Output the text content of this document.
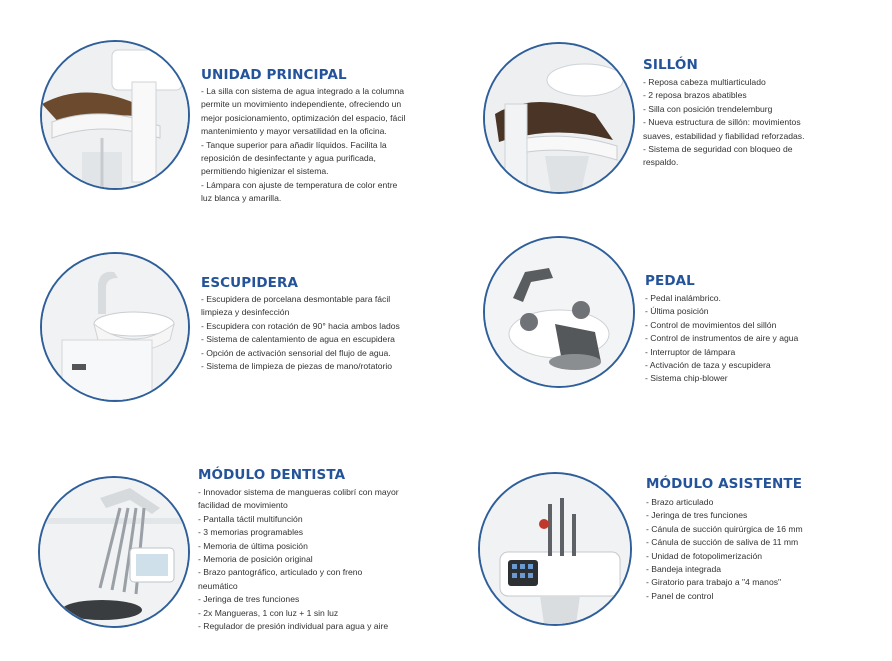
UNIDAD PRINCIPAL

- La silla con sistema de agua integrado a la columna

permite un movimiento independiente, ofreciendo un

mejor posicionamiento, optimización del espacio, fácil

mantenimiento y mayor versatilidad en la oficina.

- Tanque superior para añadir líquidos. Facilita la

reposición de desinfectante y agua purificada,

permitiendo higienizar el sistema.

- Lámpara con ajuste de temperatura de color entre

luz blanca y amarilla.

SILLÓN

- Reposa cabeza multiarticulado

- 2 reposa brazos abatibles

- Silla con posición trendelemburg

- Nueva estructura de sillón: movimientos

suaves, estabilidad y fiabilidad reforzadas.

- Sistema de seguridad con bloqueo de

respaldo.

ESCUPIDERA

- Escupidera de porcelana desmontable para fácil

limpieza y desinfección

- Escupidera con rotación de 90° hacia ambos lados

- Sistema de calentamiento de agua en escupidera

- Opción de activación sensorial del flujo de agua.

- Sistema de limpieza de piezas de mano/rotatorio

PEDAL

- Pedal inalámbrico.

- Última posición

- Control de movimientos del sillón

- Control de instrumentos de aire y agua

- Interruptor de lámpara

- Activación de taza y escupidera

- Sistema chip-blower

MÓDULO DENTISTA

- Innovador sistema de mangueras colibrí con mayor

facilidad de movimiento

- Pantalla táctil multifunción

- 3 memorias programables

- Memoria de última posición

- Memoria de posición original

- Brazo pantográfico, articulado y con freno

neumático

- Jeringa de tres funciones

- 2x Mangueras, 1 con luz + 1 sin luz

- Regulador de presión individual para agua y aire

MÓDULO ASISTENTE

- Brazo articulado

- Jeringa de tres funciones

- Cánula de succión quirúrgica de 16 mm

- Cánula de succión de saliva de 11 mm

- Unidad de fotopolimerización

- Bandeja integrada

- Giratorio para trabajo a "4 manos"

- Panel de control
